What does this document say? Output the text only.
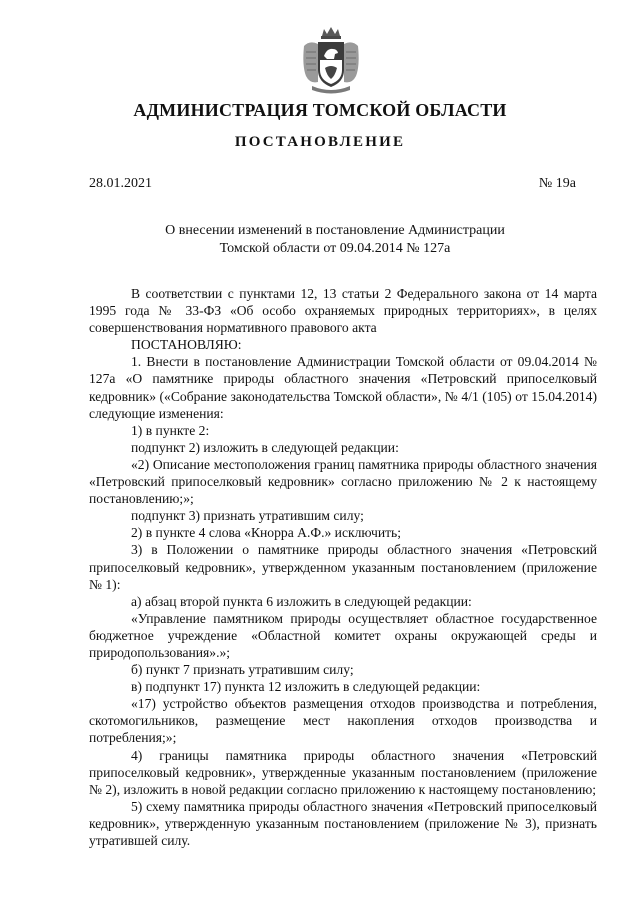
АДМИНИСТРАЦИЯ ТОМСКОЙ ОБЛАСТИ
ПОСТАНОВЛЕНИЕ
28.01.2021	№ 19а
О внесении изменений в постановление Администрации
Томской области от 09.04.2014 № 127а

В соответствии с пунктами 12, 13 статьи 2 Федерального закона от 14 марта 1995 года № 33-ФЗ «Об особо охраняемых природных территориях», в целях совершенствования нормативного правового акта

ПОСТАНОВЛЯЮ:

1. Внести в постановление Администрации Томской области от 09.04.2014 № 127а «О памятнике природы областного значения «Петровский припоселковый кедровник» («Собрание законодательства Томской области», № 4/1 (105) от 15.04.2014) следующие изменения:

1) в пункте 2:

подпункт 2) изложить в следующей редакции:

«2) Описание местоположения границ памятника природы областного значения «Петровский припоселковый кедровник» согласно приложению № 2 к настоящему постановлению;»;

подпункт 3) признать утратившим силу;

2) в пункте 4 слова «Кнорра А.Ф.» исключить;

3) в Положении о памятнике природы областного значения «Петровский припоселковый кедровник», утвержденном указанным постановлением (приложение № 1):

а) абзац второй пункта 6 изложить в следующей редакции:

«Управление памятником природы осуществляет областное государственное бюджетное учреждение «Областной комитет охраны окружающей среды и природопользования».»;

б) пункт 7 признать утратившим силу;

в) подпункт 17) пункта 12 изложить в следующей редакции:

«17) устройство объектов размещения отходов производства и потребления, скотомогильников, размещение мест накопления отходов производства и потребления;»;

4) границы памятника природы областного значения «Петровский припоселковый кедровник», утвержденные указанным постановлением (приложение № 2), изложить в новой редакции согласно приложению к настоящему постановлению;

5) схему памятника природы областного значения «Петровский припоселковый кедровник», утвержденную указанным постановлением (приложение № 3), признать утратившей силу.
